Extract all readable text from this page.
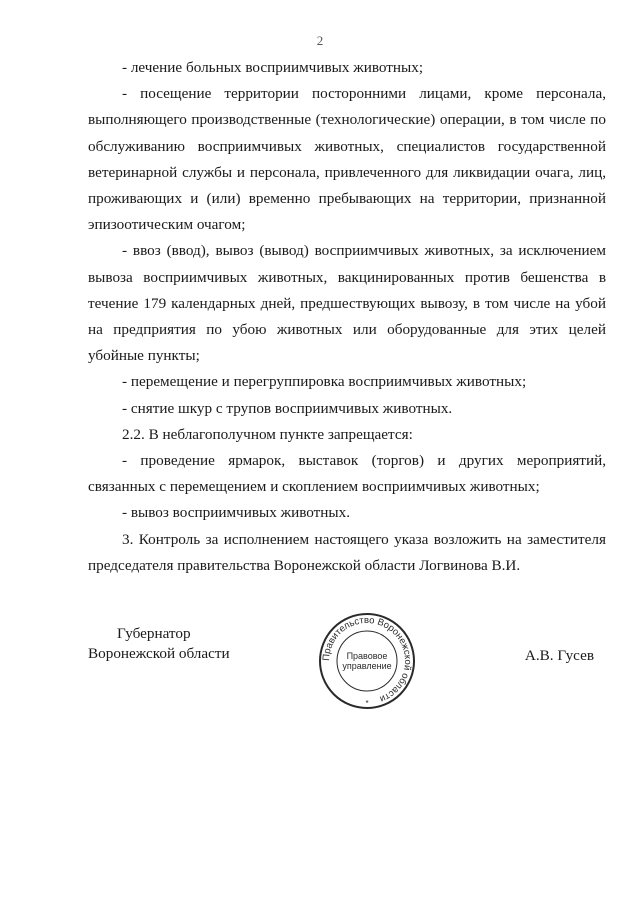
2

- лечение больных восприимчивых животных;

- посещение территории посторонними лицами, кроме персонала, выполняющего производственные (технологические) операции, в том числе по обслуживанию восприимчивых животных, специалистов государственной ветеринарной службы и персонала, привлеченного для ликвидации очага, лиц, проживающих и (или) временно пребывающих на территории, признанной эпизоотическим очагом;

- ввоз (ввод), вывоз (вывод) восприимчивых животных, за исключением вывоза восприимчивых животных, вакцинированных против бешенства в течение 179 календарных дней, предшествующих вывозу, в том числе на убой на предприятия по убою животных или оборудованные для этих целей убойные пункты;

- перемещение и перегруппировка восприимчивых животных;

- снятие шкур с трупов восприимчивых животных.

2.2. В неблагополучном пункте запрещается:

- проведение ярмарок, выставок (торгов) и других мероприятий, связанных с перемещением и скоплением восприимчивых животных;

- вывоз восприимчивых животных.

3. Контроль за исполнением настоящего указа возложить на заместителя председателя правительства Воронежской области Логвинова В.И.

Губернатор
Воронежской области	Правительство Воронежской области
Правовое
управление
*
А.В. Гусев
